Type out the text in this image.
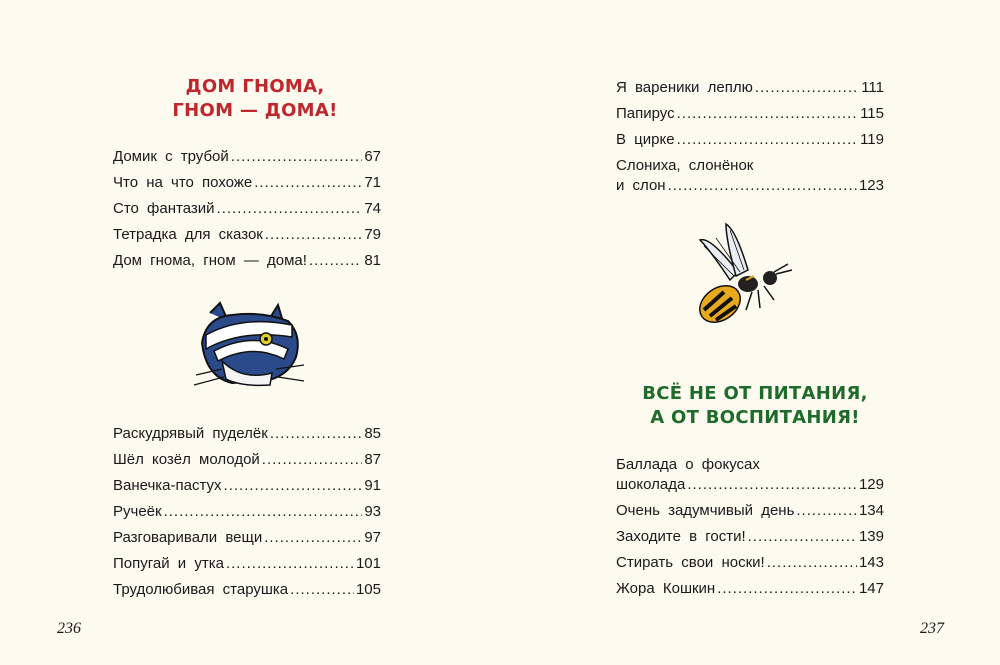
ДОМ ГНОМА,
ГНОМ — ДОМА!
Домик с трубой .....	67
Что на что похоже .....	71
Сто фантазий .....	74
Тетрадка для сказок .....	79
Дом гнома, гном — дома! .....	81
Раскудрявый пуделёк .....	85
Шёл козёл молодой .....	87
Ванечка-пастух .....	91
Ручеёк .....	93
Разговаривали вещи .....	97
Попугай и утка .....	101
Трудолюбивая старушка .....	105
236
Я вареники леплю .....	111
Папирус .....	115
В цирке .....	119
Слониха, слонёнок
и слон .....	123
ВСЁ НЕ ОТ ПИТАНИЯ,
А ОТ ВОСПИТАНИЯ!
Баллада о фокусах
шоколада .....	129
Очень задумчивый день .....	134
Заходите в гости! .....	139
Стирать свои носки! .....	143
Жора Кошкин .....	147
237
